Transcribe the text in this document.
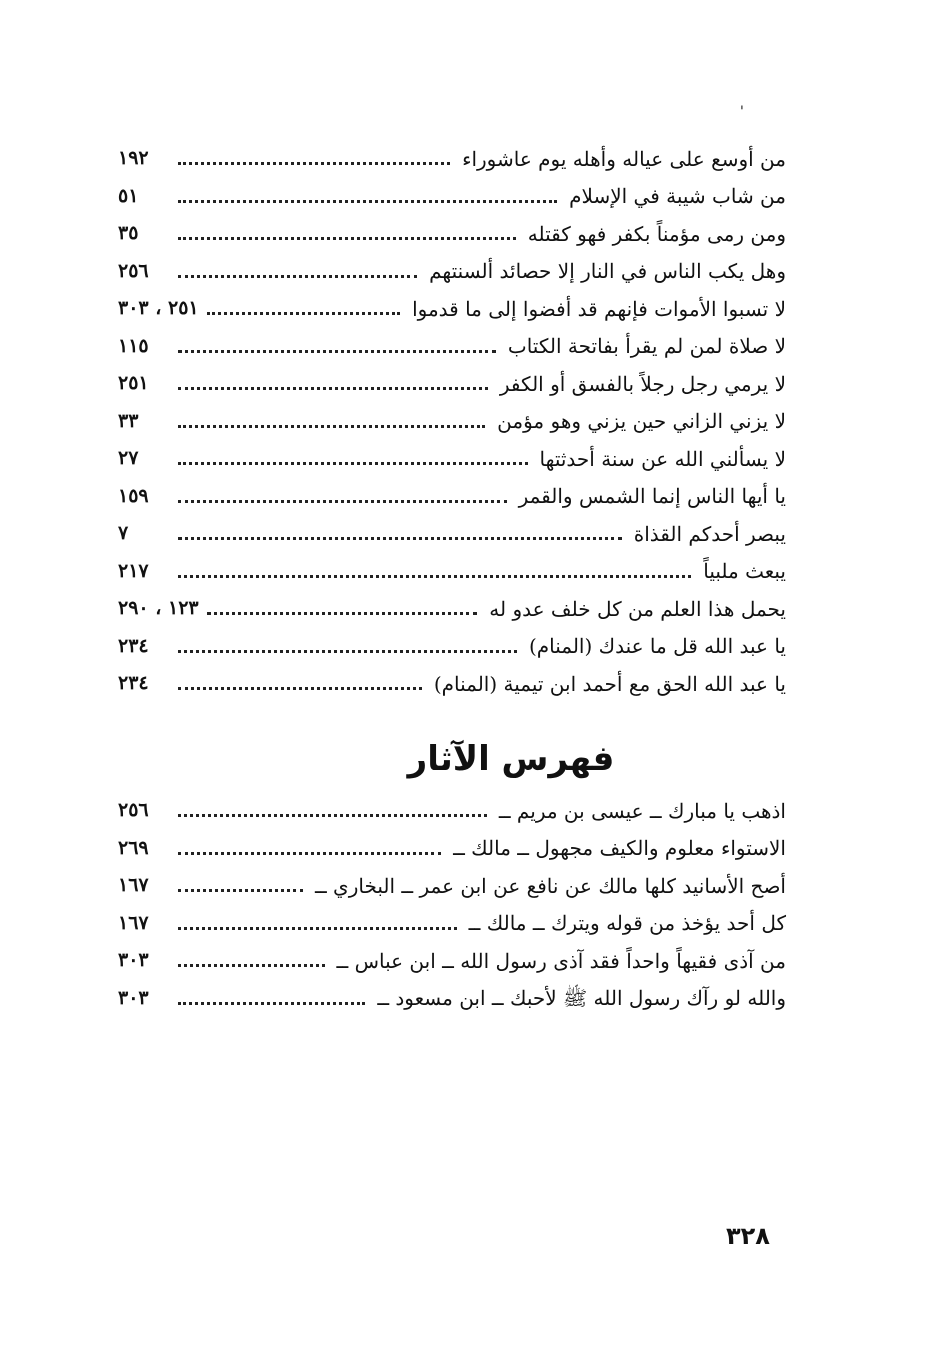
'‏
من أوسع على عياله وأهله يوم عاشوراء
١٩٢
من شاب شيبة في الإسلام
٥١
ومن رمى مؤمناً بكفر فهو كقتله
٣٥
وهل يكب الناس في النار إلا حصائد ألسنتهم
٢٥٦
لا تسبوا الأموات فإنهم قد أفضوا إلى ما قدموا
٢٥١ ، ٣٠٣
لا صلاة لمن لم يقرأ بفاتحة الكتاب
١١٥
لا يرمي رجل رجلاً بالفسق أو الكفر
٢٥١
لا يزني الزاني حين يزني وهو مؤمن
٣٣
لا يسألني الله عن سنة أحدثتها
٢٧
يا أيها الناس إنما الشمس والقمر
١٥٩
يبصر أحدكم القذاة
٧
يبعث ملبياً
٢١٧
يحمل هذا العلم من كل خلف عدو له
١٢٣ ، ٢٩٠
يا عبد الله قل ما عندك (المنام)
٢٣٤
يا عبد الله الحق مع أحمد ابن تيمية (المنام)
٢٣٤
فهرس الآثار
اذهب يا مبارك ــ عيسى بن مريم ــ
٢٥٦
الاستواء معلوم والكيف مجهول ــ مالك ــ
٢٦٩
أصح الأسانيد كلها مالك عن نافع عن ابن عمر ــ البخاري ــ
١٦٧
كل أحد يؤخذ من قوله ويترك ــ مالك ــ
١٦٧
من آذى فقيهاً واحداً فقد آذى رسول الله ــ ابن عباس ــ
٣٠٣
والله لو رآك رسول الله ﷺ لأحبك ــ ابن مسعود ــ
٣٠٣
٣٢٨
